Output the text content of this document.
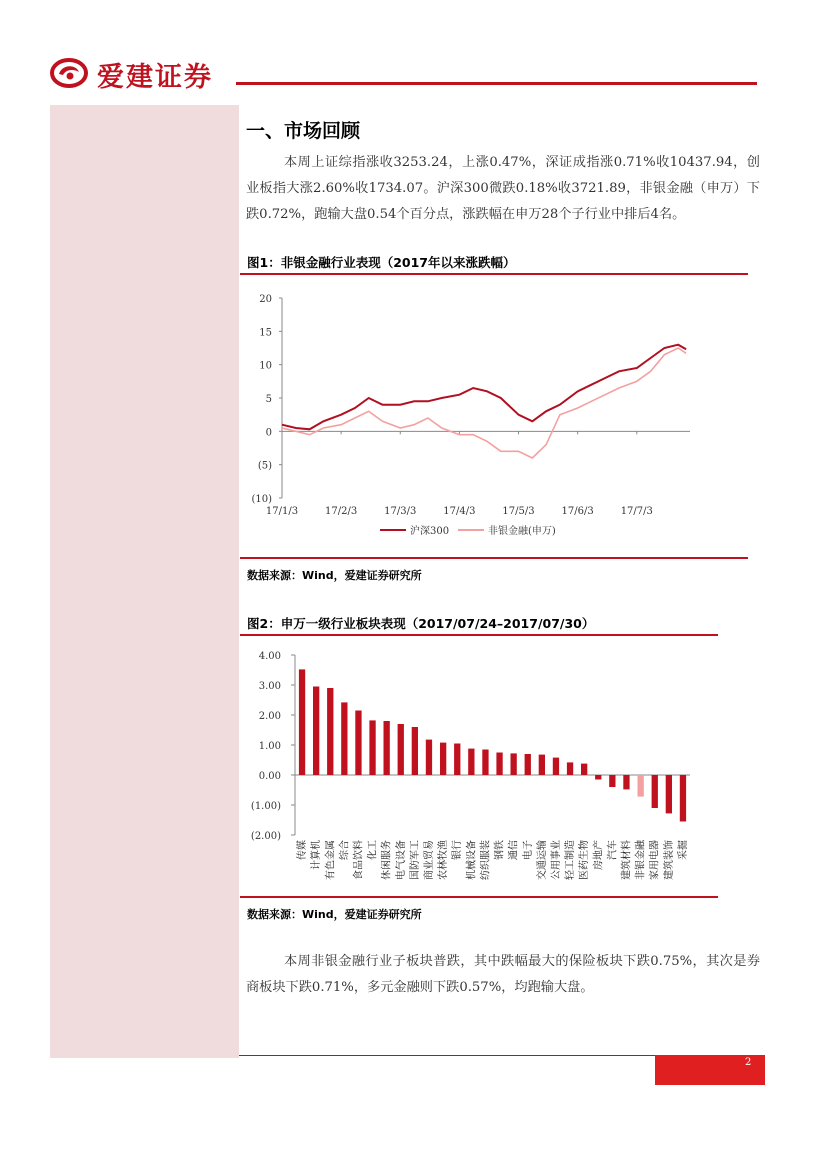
爱建证券
一、市场回顾

本周上证综指涨收3253.24，上涨0.47%，深证成指涨0.71%收10437.94，创业板指大涨2.60%收1734.07。沪深300微跌0.18%收3721.89，非银金融（申万）下跌0.72%，跑输大盘0.54个百分点，涨跌幅在申万28个子行业中排后4名。

图1：非银金融行业表现（2017年以来涨跌幅）
20
15
10
5
0
(5)
(10)
17/1/3	17/2/3	17/3/3	17/4/3	17/5/3	17/6/3	17/7/3
沪深300	非银金融(申万)
数据来源：Wind，爱建证券研究所
图2：申万一级行业板块表现（2017/07/24–2017/07/30）
4.00
3.00
2.00
1.00
0.00
(1.00)
(2.00)
传媒 计算机 有色金属 综合 食品饮料 化工 休闲服务 电气设备 国防军工 商业贸易 农林牧渔 银行 机械设备 纺织服装 钢铁 通信 电子 交通运输 公用事业 轻工制造 医药生物 房地产 汽车 建筑材料 非银金融 家用电器 建筑装饰 采掘
数据来源：Wind，爱建证券研究所

本周非银金融行业子板块普跌，其中跌幅最大的保险板块下跌0.75%，其次是券商板块下跌0.71%，多元金融则下跌0.57%，均跑输大盘。

2
